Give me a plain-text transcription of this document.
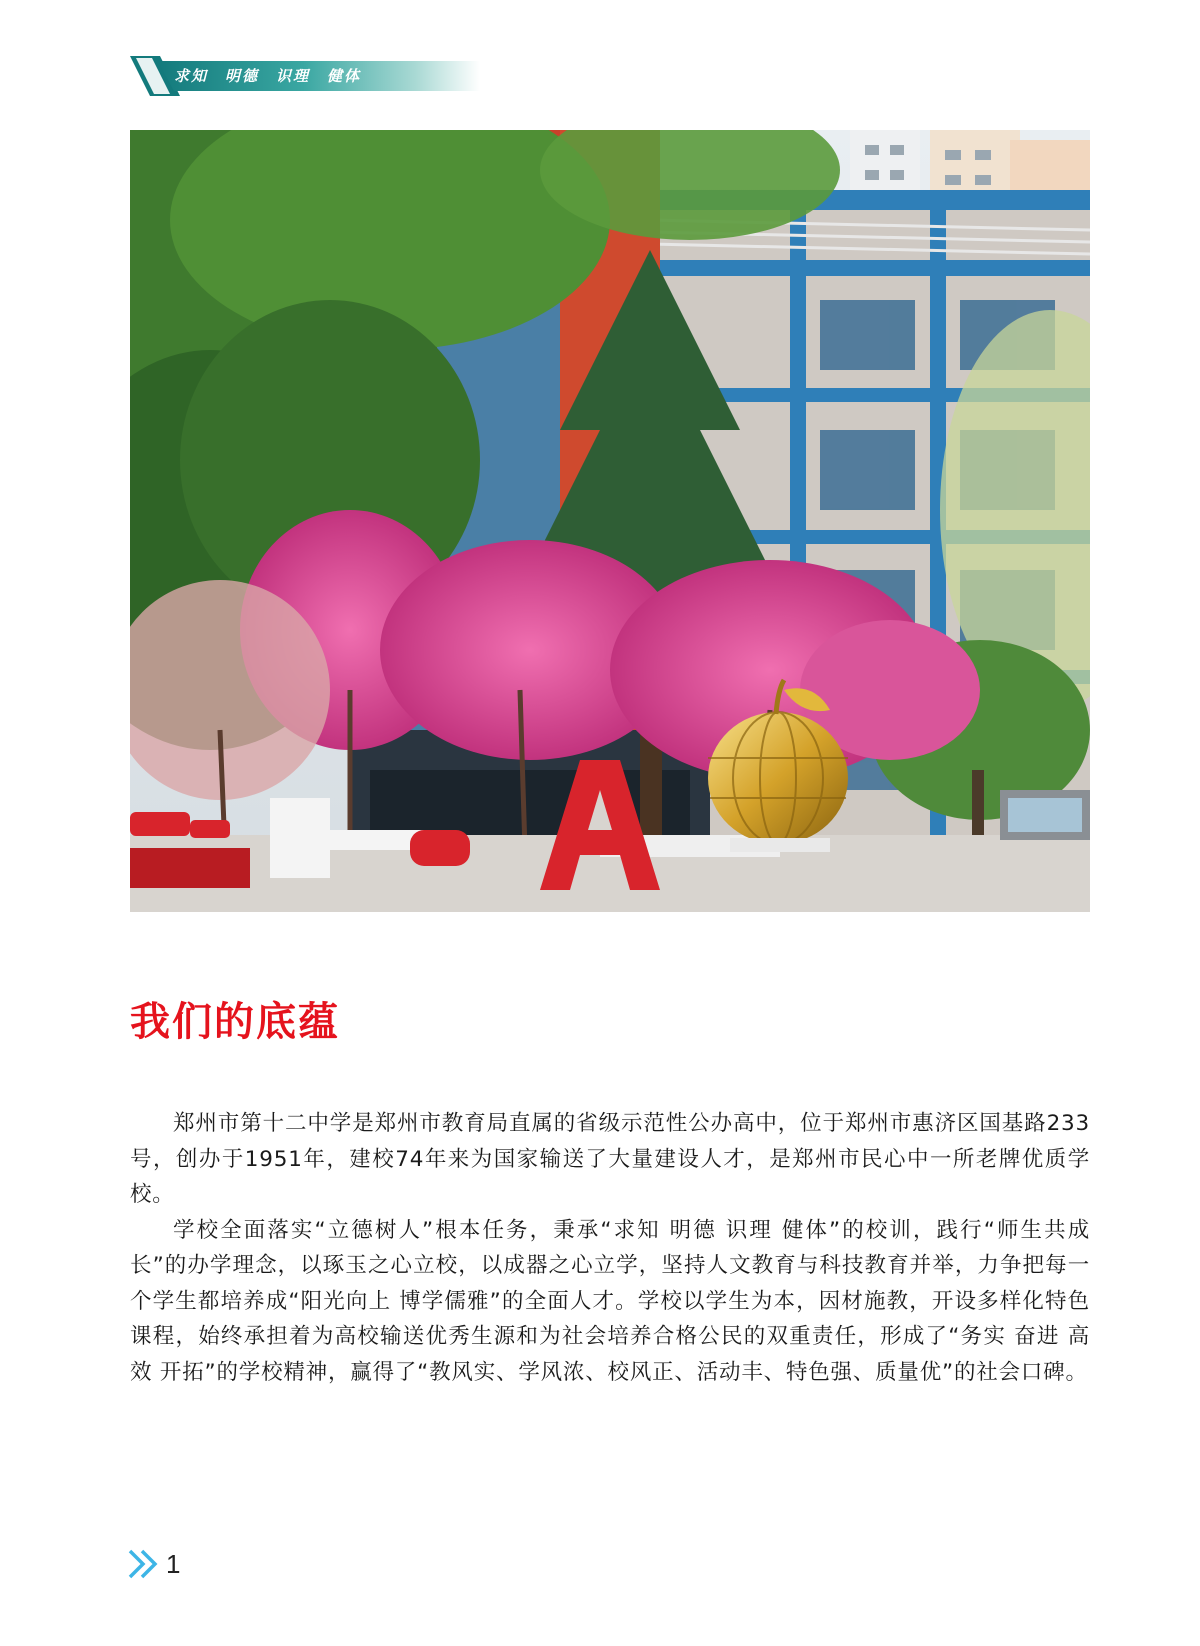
求知　明德　识理　健体
我们的底蕴

郑州市第十二中学是郑州市教育局直属的省级示范性公办高中，位于郑州市惠济区国基路233号，创办于1951年，建校74年来为国家输送了大量建设人才，是郑州市民心中一所老牌优质学校。

学校全面落实“立德树人”根本任务，秉承“求知 明德 识理 健体”的校训，践行“师生共成长”的办学理念，以琢玉之心立校，以成器之心立学，坚持人文教育与科技教育并举，力争把每一个学生都培养成“阳光向上 博学儒雅”的全面人才。学校以学生为本，因材施教，开设多样化特色课程，始终承担着为高校输送优秀生源和为社会培养合格公民的双重责任，形成了“务实 奋进 高效 开拓”的学校精神，赢得了“教风实、学风浓、校风正、活动丰、特色强、质量优”的社会口碑。

1
